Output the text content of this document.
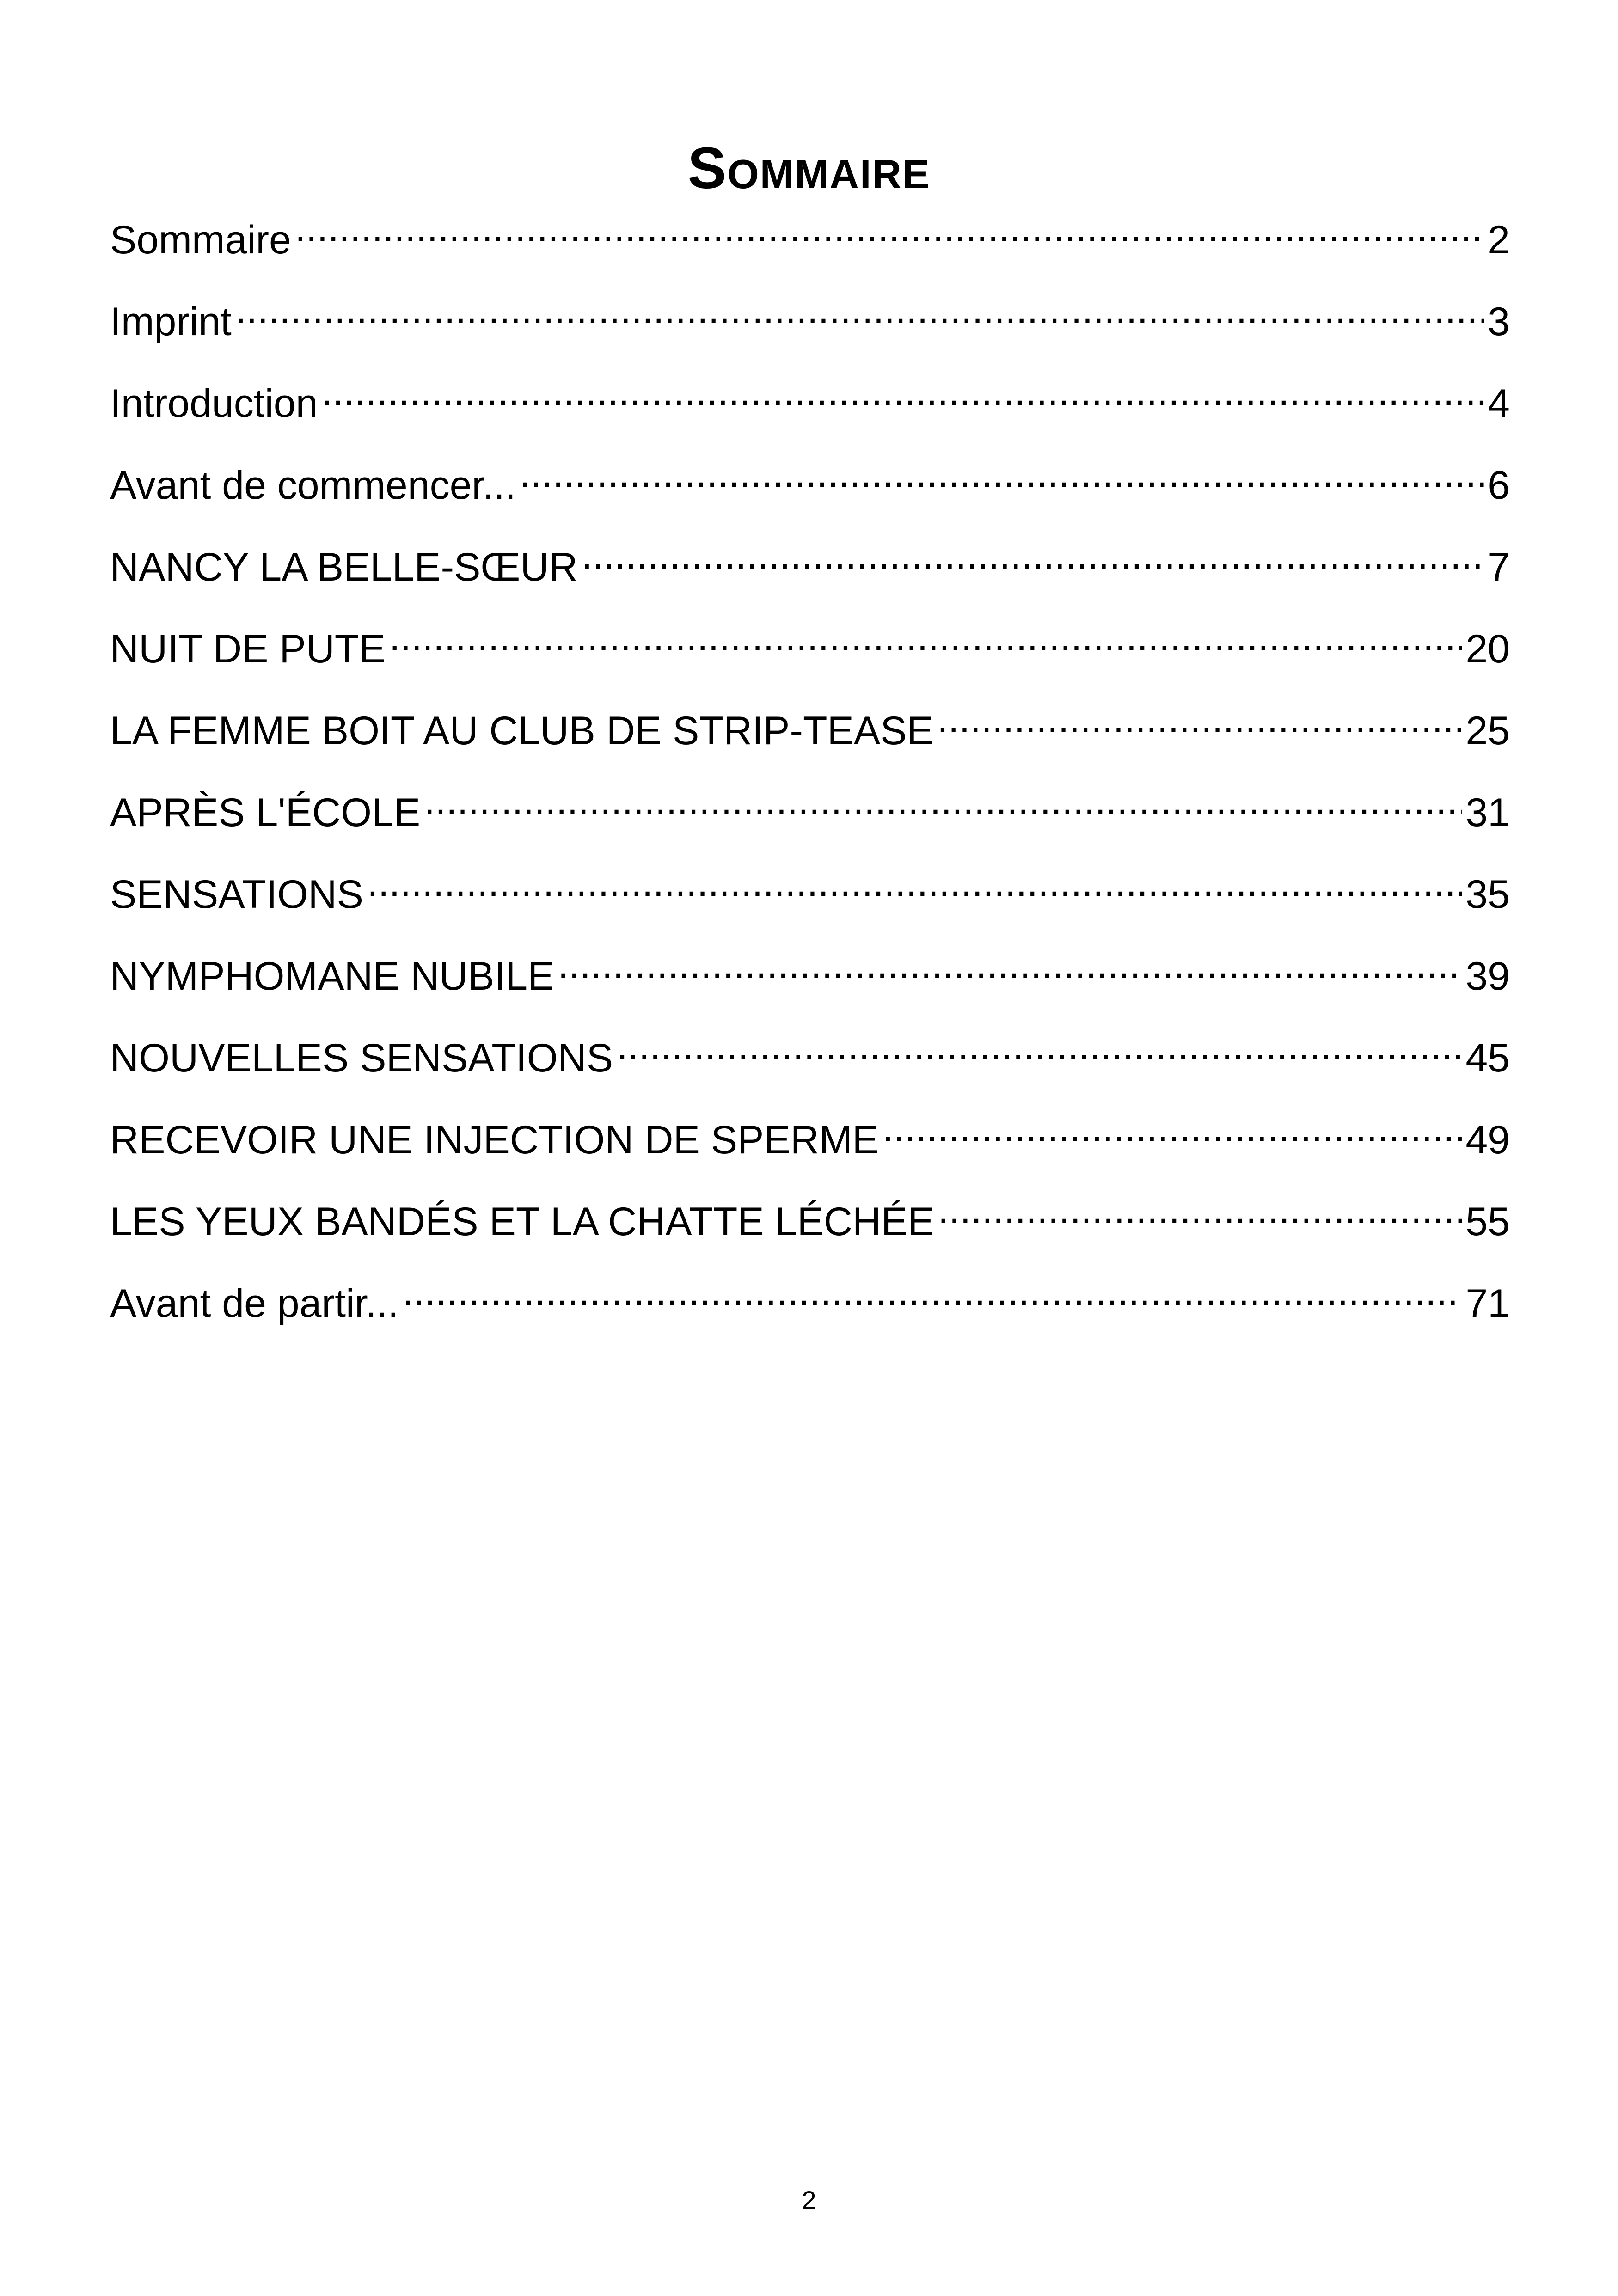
Sommaire
Sommaire . . .	2
Imprint . . .	3
Introduction . . .	4
Avant de commencer... . . .	6
NANCY LA BELLE-SŒUR . . .	7
NUIT DE PUTE . . .	20
LA FEMME BOIT AU CLUB DE STRIP-TEASE . . .	25
APRÈS L'ÉCOLE . . .	31
SENSATIONS . . .	35
NYMPHOMANE NUBILE . . .	39
NOUVELLES SENSATIONS . . .	45
RECEVOIR UNE INJECTION DE SPERME . . .	49
LES YEUX BANDÉS ET LA CHATTE LÉCHÉE . . .	55
Avant de partir... . . .	71
2
